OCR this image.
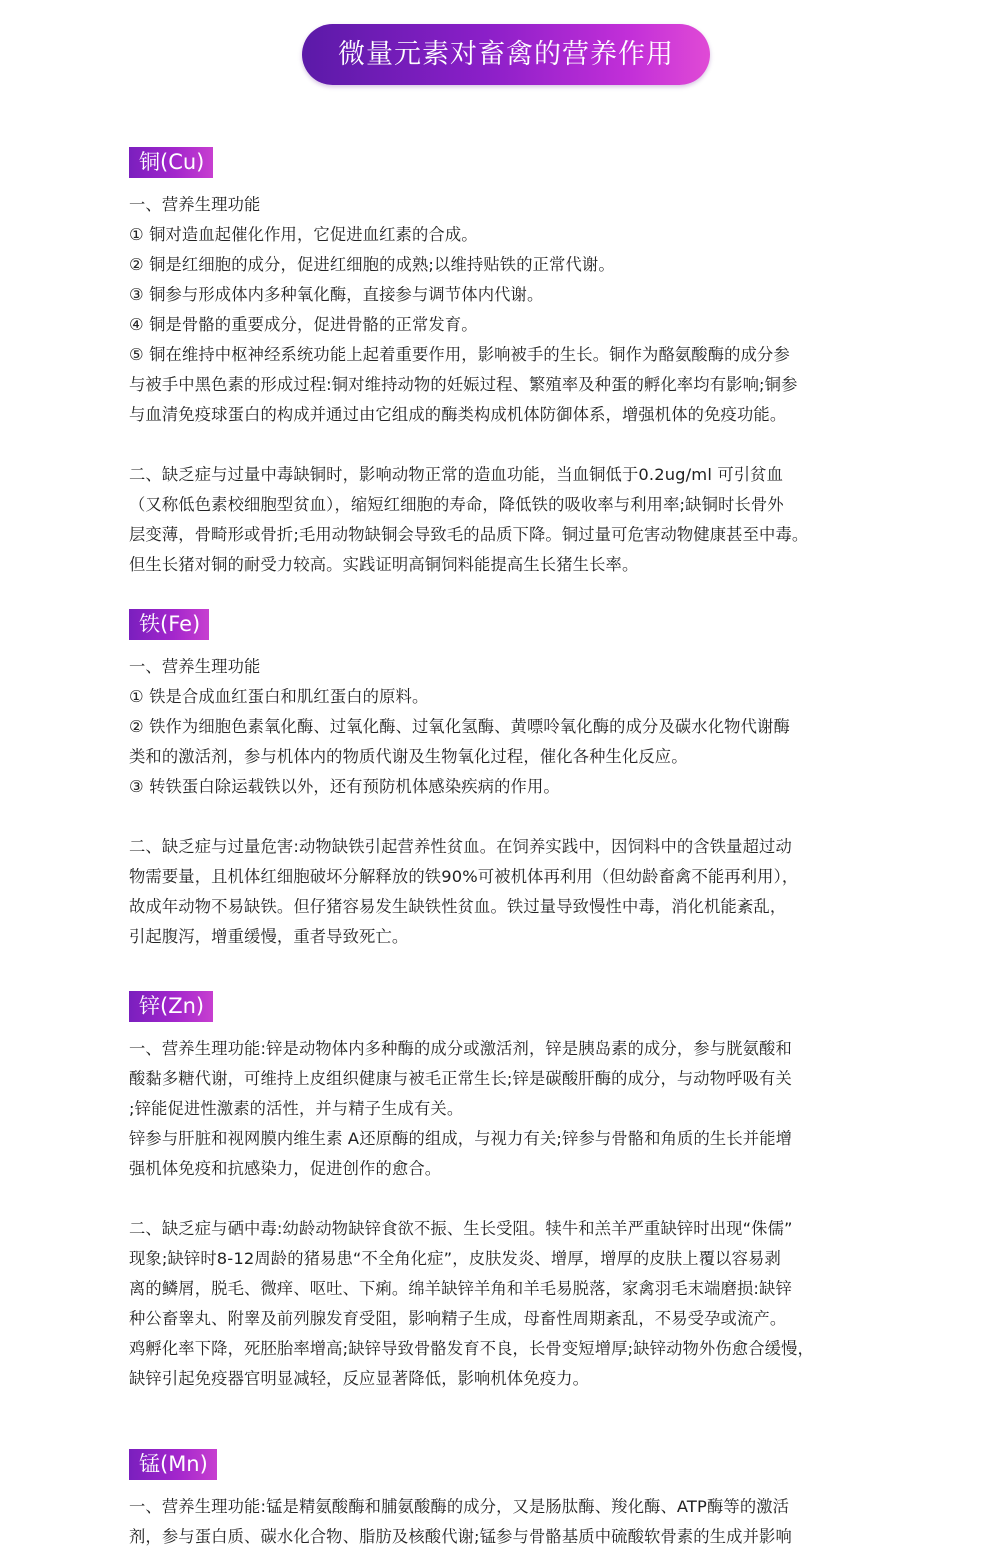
微量元素对畜禽的营养作用
铜(Cu)
一、营养生理功能
① 铜对造血起催化作用，它促进血红素的合成。
② 铜是红细胞的成分，促进红细胞的成熟;以维持贴铁的正常代谢。
③ 铜参与形成体内多种氧化酶，直接参与调节体内代谢。
④ 铜是骨骼的重要成分，促进骨骼的正常发育。
⑤ 铜在维持中枢神经系统功能上起着重要作用，影响被手的生长。铜作为酪氨酸酶的成分参
与被手中黑色素的形成过程:铜对维持动物的妊娠过程、繁殖率及种蛋的孵化率均有影响;铜参
与血清免疫球蛋白的构成并通过由它组成的酶类构成机体防御体系，增强机体的免疫功能。
二、缺乏症与过量中毒缺铜时，影响动物正常的造血功能，当血铜低于0.2ug/ml 可引贫血
（又称低色素校细胞型贫血），缩短红细胞的寿命，降低铁的吸收率与利用率;缺铜时长骨外
层变薄，骨畸形或骨折;毛用动物缺铜会导致毛的品质下降。铜过量可危害动物健康甚至中毒。
但生长猪对铜的耐受力较高。实践证明高铜饲料能提高生长猪生长率。
铁(Fe)
一、营养生理功能
① 铁是合成血红蛋白和肌红蛋白的原料。
② 铁作为细胞色素氧化酶、过氧化酶、过氧化氢酶、黄嘌呤氧化酶的成分及碳水化物代谢酶
类和的激活剂，参与机体内的物质代谢及生物氧化过程，催化各种生化反应。
③ 转铁蛋白除运载铁以外，还有预防机体感染疾病的作用。
二、缺乏症与过量危害:动物缺铁引起营养性贫血。在饲养实践中，因饲料中的含铁量超过动
物需要量，且机体红细胞破坏分解释放的铁90%可被机体再利用（但幼龄畜禽不能再利用），
故成年动物不易缺铁。但仔猪容易发生缺铁性贫血。铁过量导致慢性中毒，消化机能紊乱，
引起腹泻，增重缓慢，重者导致死亡。
锌(Zn)
一、营养生理功能:锌是动物体内多种酶的成分或激活剂，锌是胰岛素的成分，参与胱氨酸和
酸黏多糖代谢，可维持上皮组织健康与被毛正常生长;锌是碳酸肝酶的成分，与动物呼吸有关
;锌能促进性激素的活性，并与精子生成有关。
锌参与肝脏和视网膜内维生素 A还原酶的组成，与视力有关;锌参与骨骼和角质的生长并能增
强机体免疫和抗感染力，促进创作的愈合。
二、缺乏症与硒中毒:幼龄动物缺锌食欲不振、生长受阻。犊牛和羔羊严重缺锌时出现“侏儒”
现象;缺锌时8-12周龄的猪易患“不全角化症”，皮肤发炎、增厚，增厚的皮肤上覆以容易剥
离的鳞屑，脱毛、微痒、呕吐、下痢。绵羊缺锌羊角和羊毛易脱落，家禽羽毛末端磨损:缺锌
种公畜睾丸、附睾及前列腺发育受阻，影响精子生成，母畜性周期紊乱，不易受孕或流产。
鸡孵化率下降，死胚胎率增高;缺锌导致骨骼发育不良，长骨变短增厚;缺锌动物外伤愈合缓慢，
缺锌引起免疫器官明显减轻，反应显著降低，影响机体免疫力。
锰(Mn)
一、营养生理功能:锰是精氨酸酶和脯氨酸酶的成分，又是肠肽酶、羧化酶、ATP酶等的激活
剂，参与蛋白质、碳水化合物、脂肪及核酸代谢;锰参与骨骼基质中硫酸软骨素的生成并影响
